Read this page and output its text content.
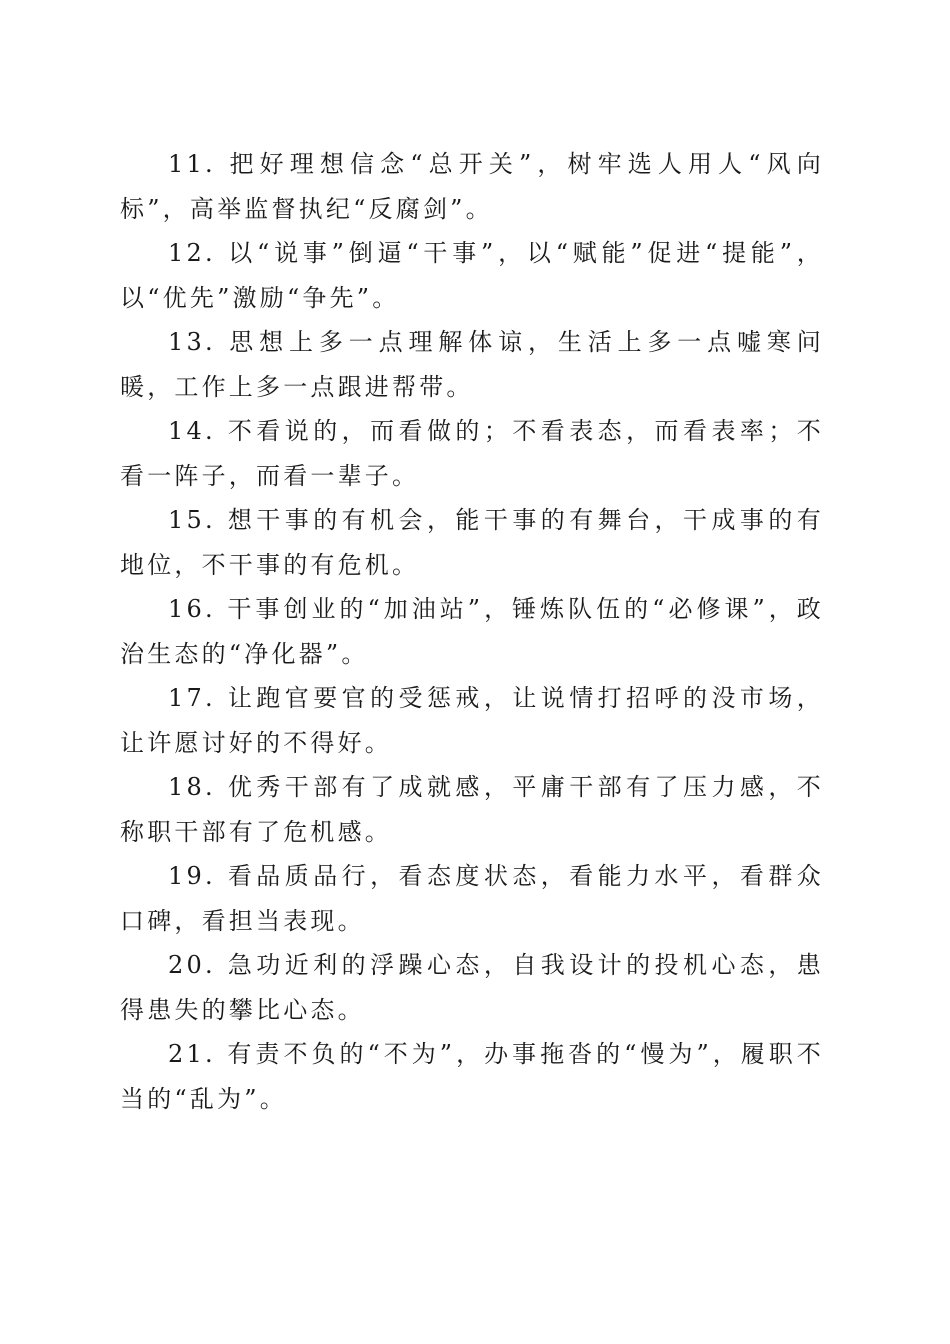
11. 把好理想信念“总开关”，树牢选人用人“风向标”，高举监督执纪“反腐剑”。

12. 以“说事”倒逼“干事”，以“赋能”促进“提能”，以“优先”激励“争先”。

13. 思想上多一点理解体谅，生活上多一点嘘寒问暖，工作上多一点跟进帮带。

14. 不看说的，而看做的；不看表态，而看表率；不看一阵子，而看一辈子。

15. 想干事的有机会，能干事的有舞台，干成事的有地位，不干事的有危机。

16. 干事创业的“加油站”，锤炼队伍的“必修课”，政治生态的“净化器”。

17. 让跑官要官的受惩戒，让说情打招呼的没市场，让许愿讨好的不得好。

18. 优秀干部有了成就感，平庸干部有了压力感，不称职干部有了危机感。

19. 看品质品行，看态度状态，看能力水平，看群众口碑，看担当表现。

20. 急功近利的浮躁心态，自我设计的投机心态，患得患失的攀比心态。

21. 有责不负的“不为”，办事拖沓的“慢为”，履职不当的“乱为”。
